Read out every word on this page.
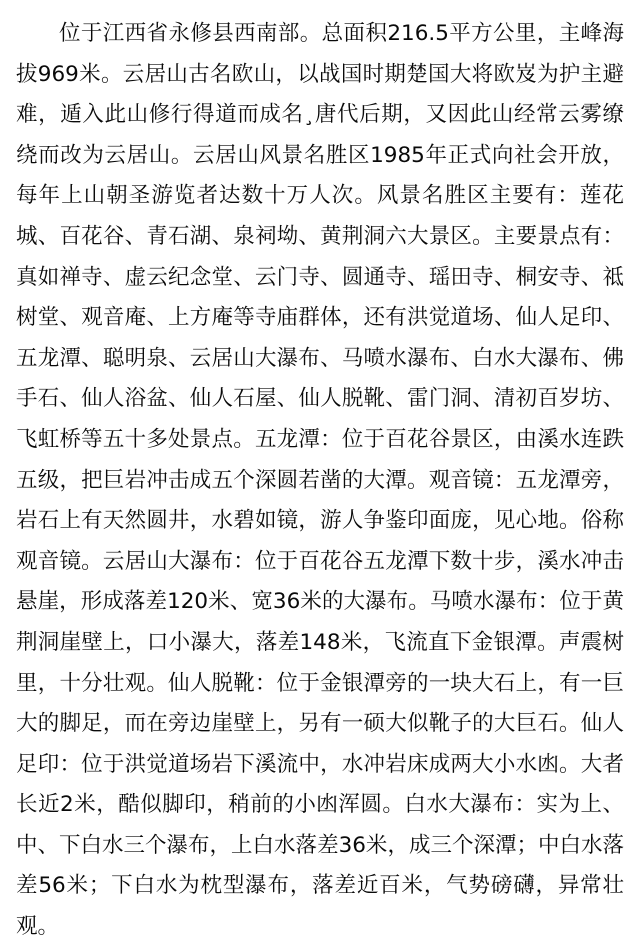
位于江西省永修县西南部。总面积216.5平方公里，主峰海拔969米。云居山古名欧山，以战国时期楚国大将欧岌为护主避难，遁入此山修行得道而成名¸唐代后期，又因此山经常云雾缭绕而改为云居山。云居山风景名胜区1985年正式向社会开放，每年上山朝圣游览者达数十万人次。风景名胜区主要有：莲花城、百花谷、青石湖、泉祠坳、黄荆洞六大景区。主要景点有：真如禅寺、虚云纪念堂、云门寺、圆通寺、瑶田寺、桐安寺、祗树堂、观音庵、上方庵等寺庙群体，还有洪觉道场、仙人足印、五龙潭、聪明泉、云居山大瀑布、马喷水瀑布、白水大瀑布、佛手石、仙人浴盆、仙人石屋、仙人脱靴、雷门洞、清初百岁坊、飞虹桥等五十多处景点。五龙潭：位于百花谷景区，由溪水连跌五级，把巨岩冲击成五个深圆若凿的大潭。观音镜：五龙潭旁，岩石上有天然圆井，水碧如镜，游人争鉴印面庞，见心地。俗称观音镜。云居山大瀑布：位于百花谷五龙潭下数十步，溪水冲击悬崖，形成落差120米、宽36米的大瀑布。马喷水瀑布：位于黄荆洞崖壁上，口小瀑大，落差148米，飞流直下金银潭。声震树里，十分壮观。仙人脱靴：位于金银潭旁的一块大石上，有一巨大的脚足，而在旁边崖壁上，另有一硕大似靴子的大巨石。仙人足印：位于洪觉道场岩下溪流中，水冲岩床成两大小水凼。大者长近2米，酷似脚印，稍前的小凼浑圆。白水大瀑布：实为上、中、下白水三个瀑布，上白水落差36米，成三个深潭；中白水落差56米；下白水为枕型瀑布，落差近百米，气势磅礴，异常壮观。
